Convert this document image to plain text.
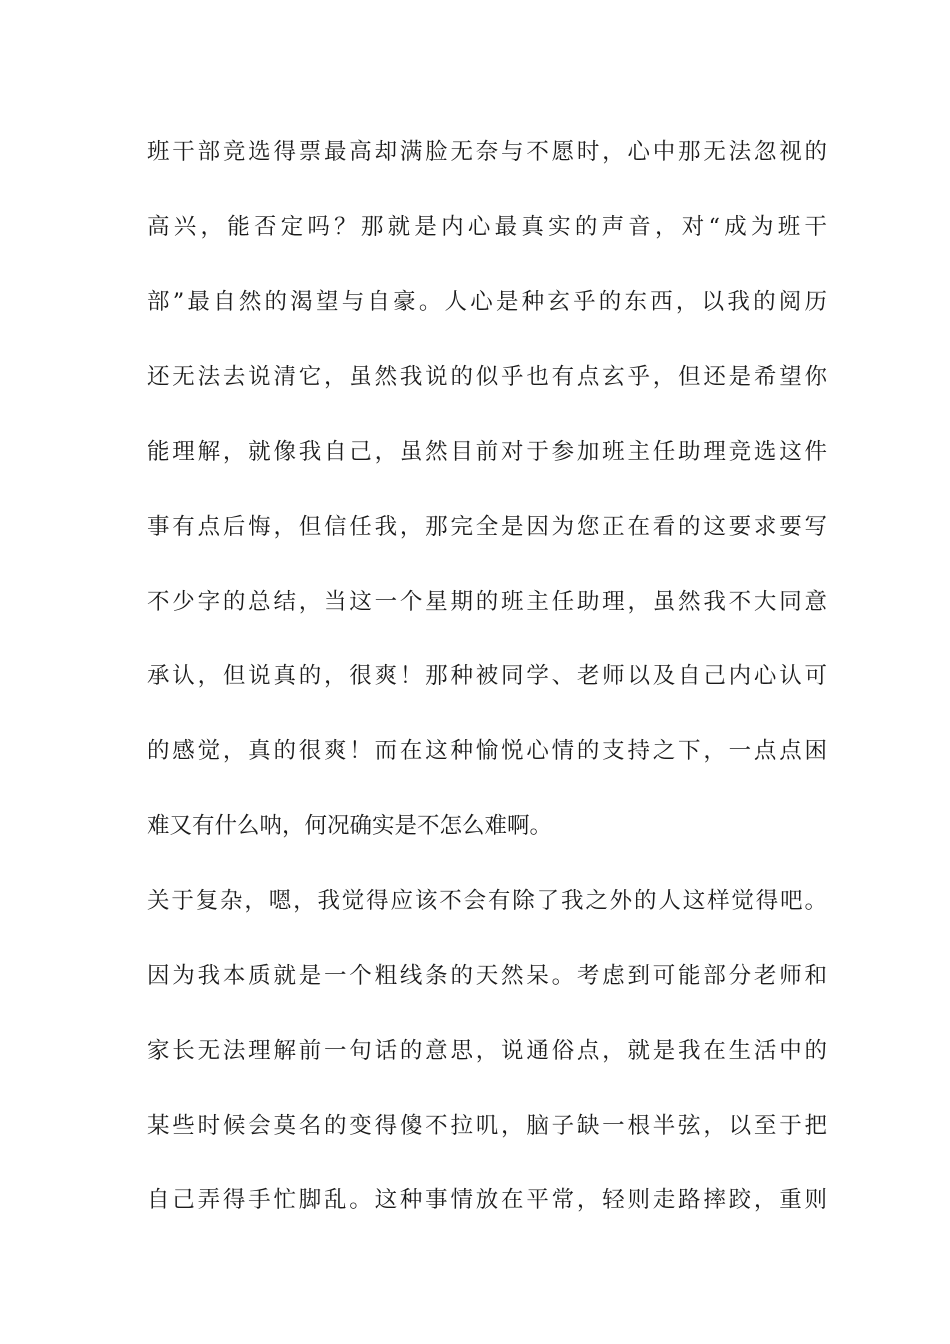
班干部竞选得票最高却满脸无奈与不愿时，心中那无法忽视的
高兴，能否定吗？那就是内心最真实的声音，对“成为班干
部”最自然的渴望与自豪。人心是种玄乎的东西，以我的阅历
还无法去说清它，虽然我说的似乎也有点玄乎，但还是希望你
能理解，就像我自己，虽然目前对于参加班主任助理竞选这件
事有点后悔，但信任我，那完全是因为您正在看的这要求要写
不少字的总结，当这一个星期的班主任助理，虽然我不大同意
承认，但说真的，很爽！那种被同学、老师以及自己内心认可
的感觉，真的很爽！而在这种愉悦心情的支持之下，一点点困
难又有什么呐，何况确实是不怎么难啊。
关于复杂，嗯，我觉得应该不会有除了我之外的人这样觉得吧。
因为我本质就是一个粗线条的天然呆。考虑到可能部分老师和
家长无法理解前一句话的意思，说通俗点，就是我在生活中的
某些时候会莫名的变得傻不拉叽，脑子缺一根半弦，以至于把
自己弄得手忙脚乱。这种事情放在平常，轻则走路摔跤，重则
